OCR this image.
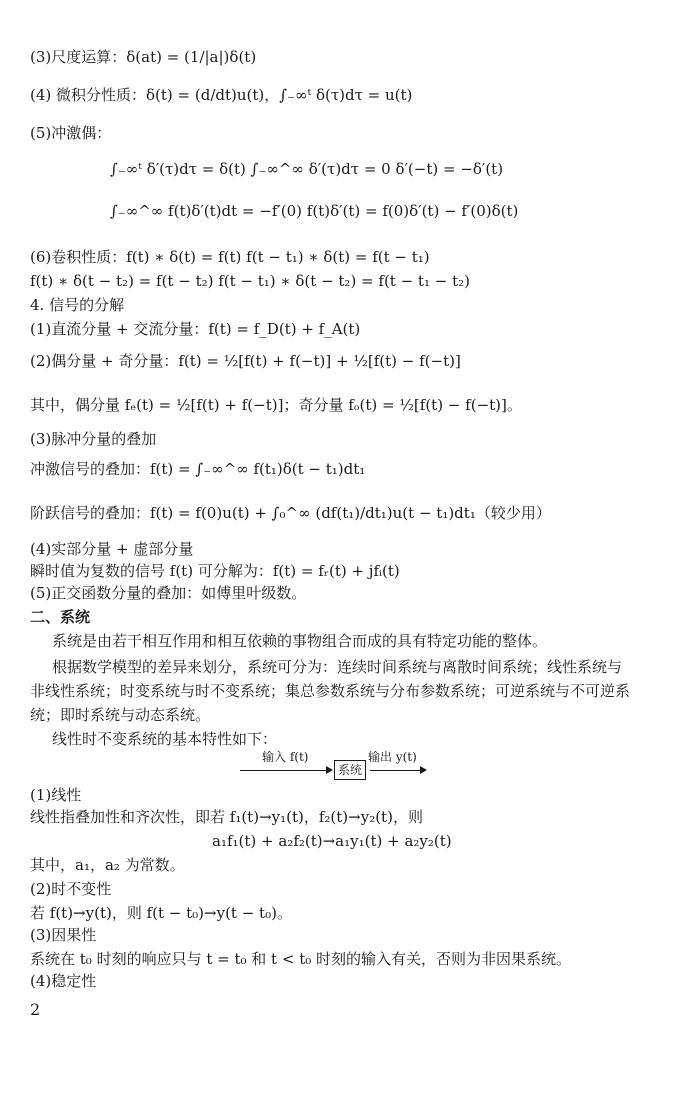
(3)尺度运算：δ(at) = (1/|a|)δ(t)
(4) 微积分性质：δ(t) = (d/dt)u(t)，∫₋∞ᵗ δ(τ)dτ = u(t)
(5)冲激偶：
∫₋∞ᵗ δ′(τ)dτ = δ(t) ∫₋∞^∞ δ′(τ)dτ = 0 δ′(−t) = −δ′(t)
∫₋∞^∞ f(t)δ′(t)dt = −f′(0) f(t)δ′(t) = f(0)δ′(t) − f′(0)δ(t)
(6)卷积性质：f(t) ∗ δ(t) = f(t) f(t − t₁) ∗ δ(t) = f(t − t₁)
f(t) ∗ δ(t − t₂) = f(t − t₂) f(t − t₁) ∗ δ(t − t₂) = f(t − t₁ − t₂)
4. 信号的分解
(1)直流分量 + 交流分量：f(t) = f_D(t) + f_A(t)
(2)偶分量 + 奇分量：f(t) = ½[f(t) + f(−t)] + ½[f(t) − f(−t)]
其中，偶分量 fₑ(t) = ½[f(t) + f(−t)]；奇分量 fₒ(t) = ½[f(t) − f(−t)]。
(3)脉冲分量的叠加
冲激信号的叠加：f(t) = ∫₋∞^∞ f(t₁)δ(t − t₁)dt₁
阶跃信号的叠加：f(t) = f(0)u(t) + ∫₀^∞ (df(t₁)/dt₁)u(t − t₁)dt₁（较少用）
(4)实部分量 + 虚部分量
瞬时值为复数的信号 f(t) 可分解为：f(t) = fᵣ(t) + jfᵢ(t)
(5)正交函数分量的叠加：如傅里叶级数。
二、系统
系统是由若干相互作用和相互依赖的事物组合而成的具有特定功能的整体。
根据数学模型的差异来划分，系统可分为：连续时间系统与离散时间系统；线性系统与
非线性系统；时变系统与时不变系统；集总参数系统与分布参数系统；可逆系统与不可逆系
统；即时系统与动态系统。
线性时不变系统的基本特性如下：
输入 f(t)
系统
输出 y(t)
(1)线性
线性指叠加性和齐次性，即若 f₁(t)→y₁(t)，f₂(t)→y₂(t)，则
a₁f₁(t) + a₂f₂(t)→a₁y₁(t) + a₂y₂(t)
其中，a₁，a₂ 为常数。
(2)时不变性
若 f(t)→y(t)，则 f(t − t₀)→y(t − t₀)。
(3)因果性
系统在 t₀ 时刻的响应只与 t = t₀ 和 t < t₀ 时刻的输入有关，否则为非因果系统。
(4)稳定性
2
